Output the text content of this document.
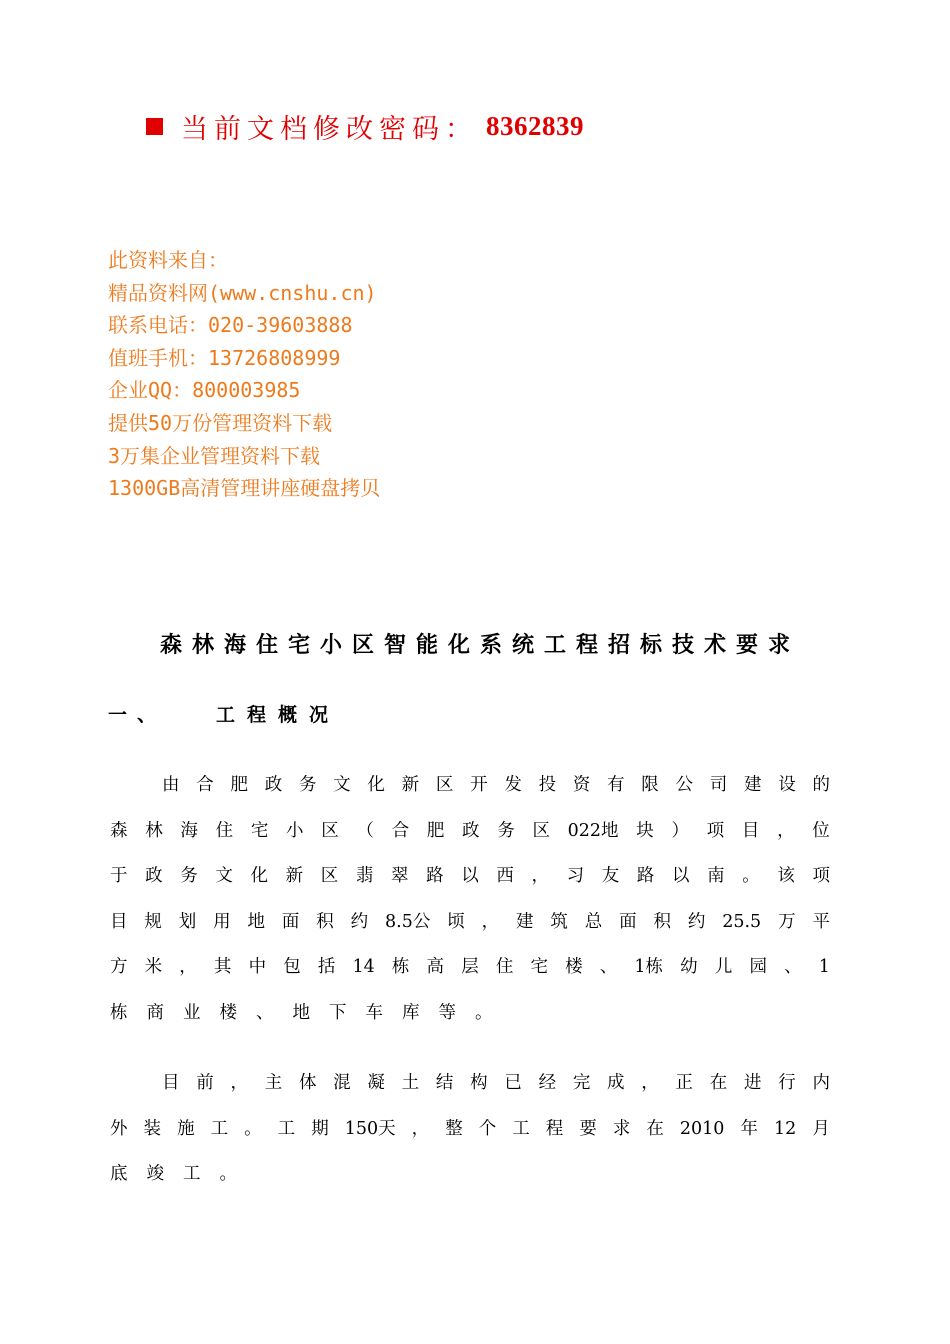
当前文档修改密码： 8362839
此资料来自：
精品资料网(www.cnshu.cn)
联系电话：020-39603888
值班手机：13726808999
企业QQ：800003985
提供50万份管理资料下载
3万集企业管理资料下载
1300GB高清管理讲座硬盘拷贝
森林海住宅小区智能化系统工程招标技术要求
一、	工程概况
由 合 肥 政 务 文 化 新 区 开 发 投 资 有 限 公 司 建 设 的
森 林 海 住 宅 小 区 （ 合 肥 政 务 区 022地 块 ） 项 目 ， 位
于 政 务 文 化 新 区 翡 翠 路 以 西 ， 习 友 路 以 南 。 该 项
目 规 划 用 地 面 积 约 8.5公 顷 ， 建 筑 总 面 积 约 25.5 万 平
方 米 ， 其 中 包 括 14 栋 高 层 住 宅 楼 、 1栋 幼 儿 园 、 1
栋 商 业 楼 、 地 下 车 库 等 。
目 前 ， 主 体 混 凝 土 结 构 已 经 完 成 ， 正 在 进 行 内
外 装 施 工 。 工 期 150天 ， 整 个 工 程 要 求 在 2010 年 12 月
底 竣 工 。
